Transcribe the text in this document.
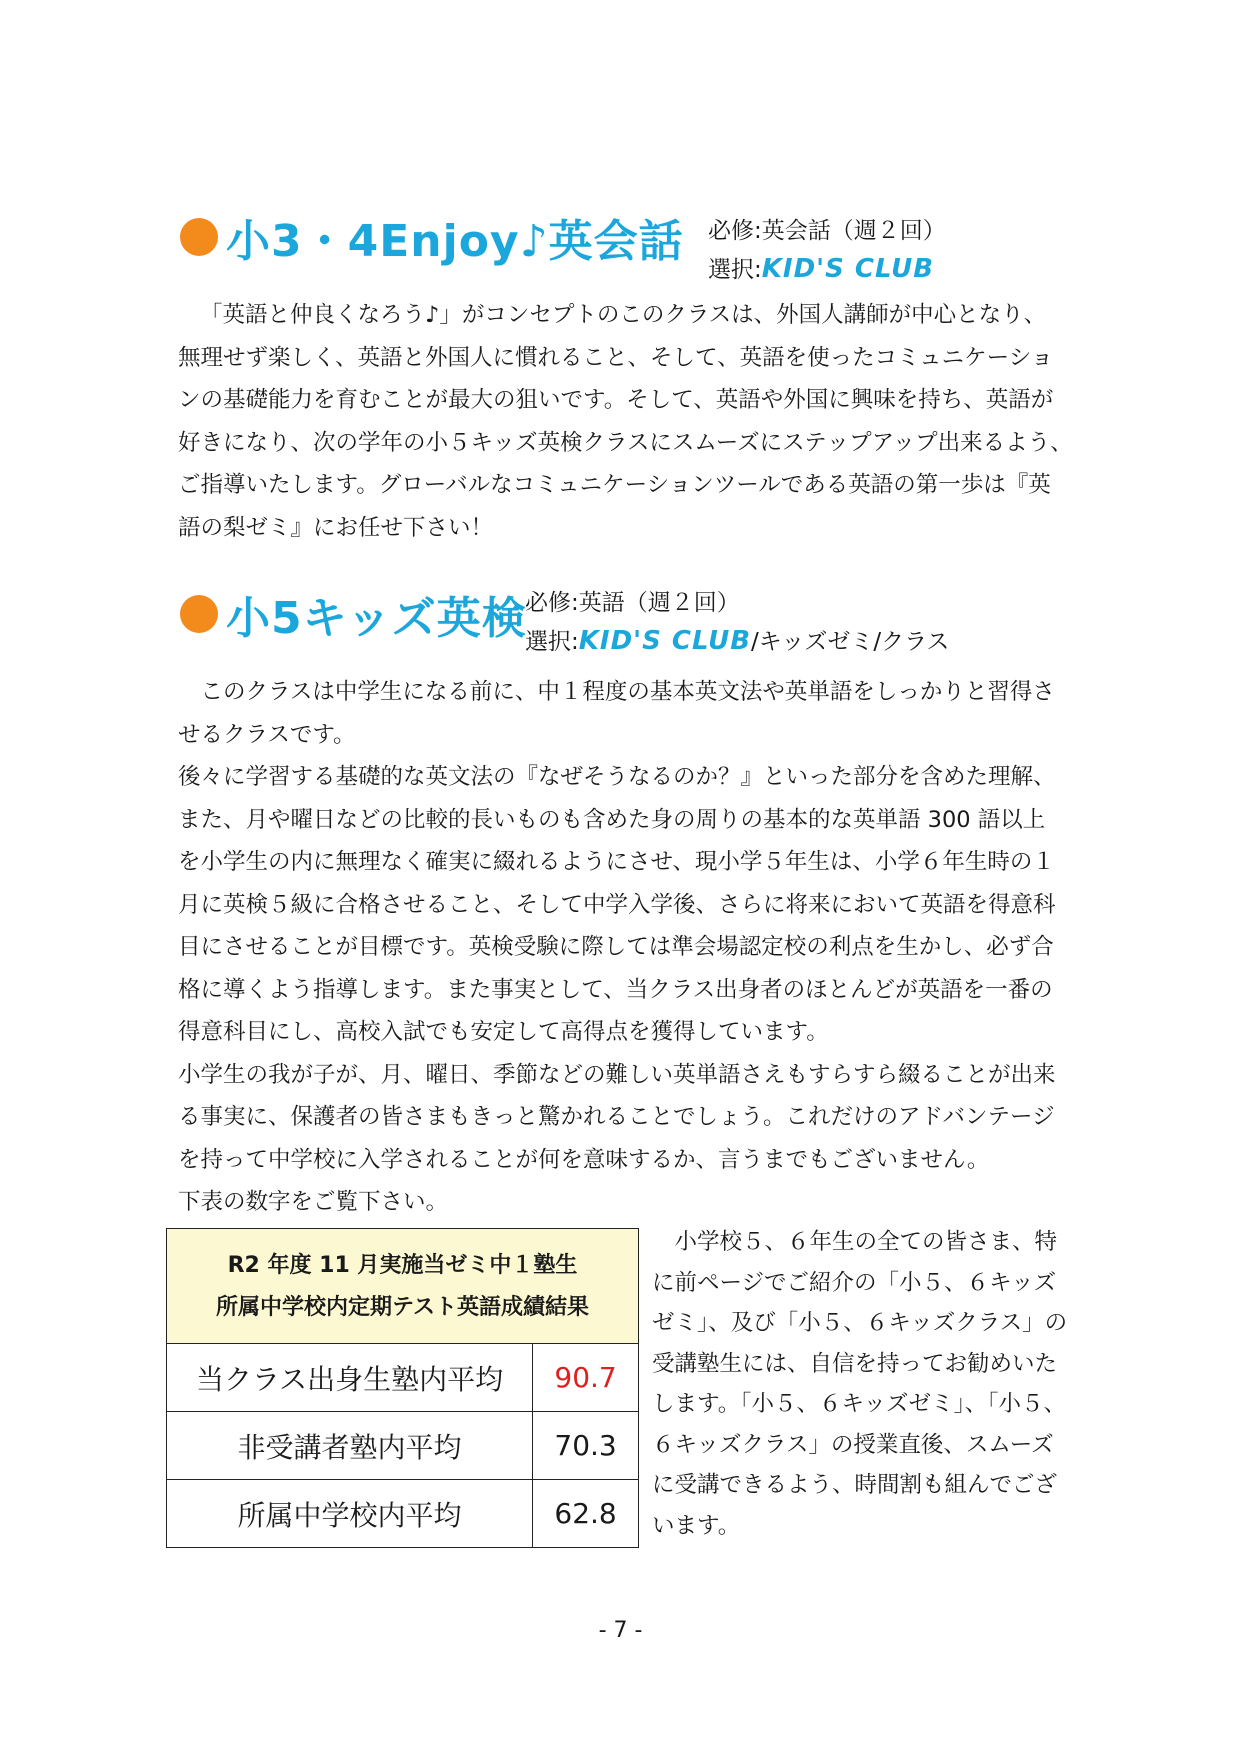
小3・4Enjoy♪英会話 必修:英会話（週２回）
選択:KID'S CLUB

「英語と仲良くなろう♪」がコンセプトのこのクラスは、外国人講師が中心となり、

無理せず楽しく、英語と外国人に慣れること、そして、英語を使ったコミュニケーショ

ンの基礎能力を育むことが最大の狙いです。そして、英語や外国に興味を持ち、英語が

好きになり、次の学年の小５キッズ英検クラスにスムーズにステップアップ出来るよう、

ご指導いたします。グローバルなコミュニケーションツールである英語の第一歩は『英

語の梨ゼミ』にお任せ下さい！

小5キッズ英検
必修:英語（週２回）
選択:KID'S CLUB/キッズゼミ/クラス

　このクラスは中学生になる前に、中１程度の基本英文法や英単語をしっかりと習得さ

せるクラスです。

後々に学習する基礎的な英文法の『なぜそうなるのか？』といった部分を含めた理解、

また、月や曜日などの比較的長いものも含めた身の周りの基本的な英単語 300 語以上

を小学生の内に無理なく確実に綴れるようにさせ、現小学５年生は、小学６年生時の１

月に英検５級に合格させること、そして中学入学後、さらに将来において英語を得意科

目にさせることが目標です。英検受験に際しては準会場認定校の利点を生かし、必ず合

格に導くよう指導します。また事実として、当クラス出身者のほとんどが英語を一番の

得意科目にし、高校入試でも安定して高得点を獲得しています。

小学生の我が子が、月、曜日、季節などの難しい英単語さえもすらすら綴ることが出来

る事実に、保護者の皆さまもきっと驚かれることでしょう。これだけのアドバンテージ

を持って中学校に入学されることが何を意味するか、言うまでもございません。

下表の数字をご覧下さい。

R2 年度 11 月実施当ゼミ中１塾生
所属中学校内定期テスト英語成績結果	

当クラス出身生塾内平均	90.7
非受講者塾内平均	70.3
所属中学校内平均	62.8

　小学校５、６年生の全ての皆さま、特

に前ページでご紹介の「小５、６キッズ

ゼミ」、及び「小５、６キッズクラス」の

受講塾生には、自信を持ってお勧めいた

します。「小５、６キッズゼミ」、「小５、

６キッズクラス」の授業直後、スムーズ

に受講できるよう、時間割も組んでござ

います。

- 7 -
